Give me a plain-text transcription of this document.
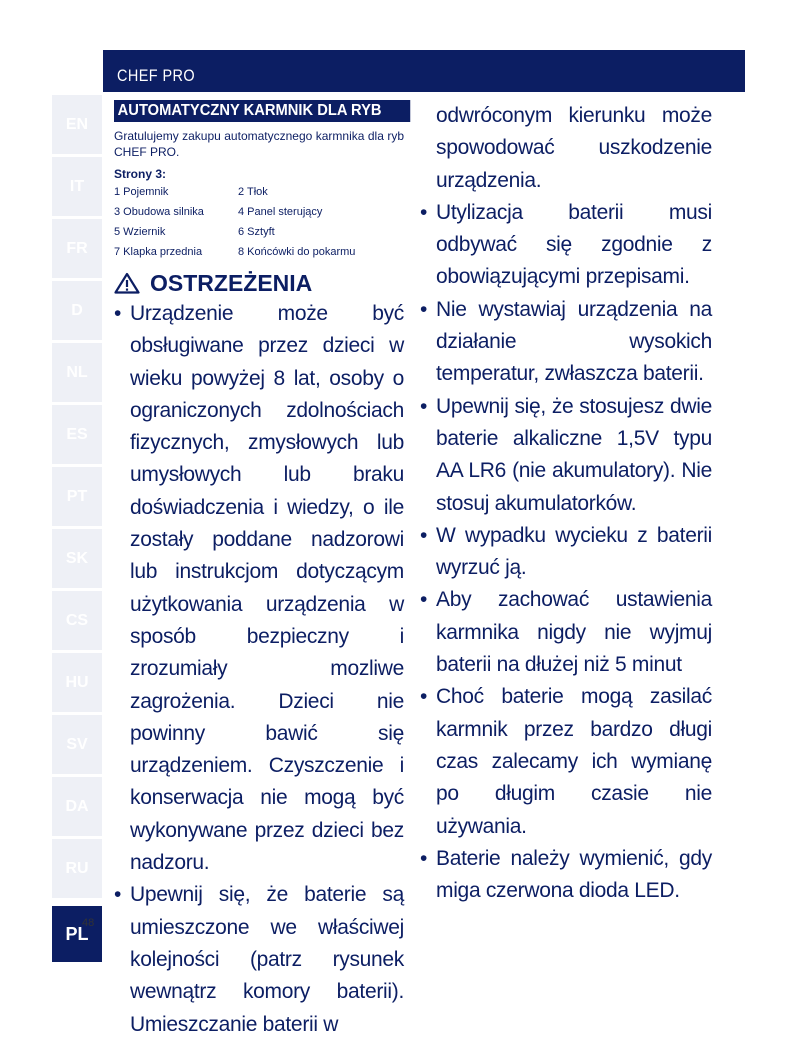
CHEF PRO
EN
IT
FR
D
NL
ES
PT
SK
CS
HU
SV
DA
RU
PL
48
AUTOMATYCZNY KARMNIK DLA RYB
Gratulujemy zakupu automatycznego karmnika dla ryb CHEF PRO.
Strony 3:
1 Pojemnik	2 Tłok
3 Obudowa silnika	4 Panel sterujący
5 Wziernik	6 Sztyft
7 Klapka przednia	8 Końcówki do pokarmu
OSTRZEŻENIA
• Urządzenie może być obsługiwane przez dzieci w wieku powyżej 8 lat, osoby o ograniczonych zdolnościach fizycznych, zmysłowych lub umysłowych lub braku doświadczenia i wiedzy, o ile zostały poddane nadzorowi lub instrukcjom dotyczącym użytkowania urządzenia w sposób bezpieczny i zrozumiały mozliwe zagrożenia. Dzieci nie powinny bawić się urządzeniem. Czyszczenie i konserwacja nie mogą być wykonywane przez dzieci bez nadzoru.
• Upewnij się, że baterie są umieszczone we właściwej kolejności (patrz rysunek wewnątrz komory baterii). Umieszczanie baterii w
odwróconym kierunku może spowodować uszkodzenie urządzenia.
• Utylizacja baterii musi odbywać się zgodnie z obowiązującymi przepisami.
• Nie wystawiaj urządzenia na działanie wysokich temperatur, zwłaszcza baterii.
• Upewnij się, że stosujesz dwie baterie alkaliczne 1,5V typu AA LR6 (nie akumulatory). Nie stosuj akumulatorków.
• W wypadku wycieku z baterii wyrzuć ją.
• Aby zachować ustawienia karmnika nigdy nie wyjmuj baterii na dłużej niż 5 minut
• Choć baterie mogą zasilać karmnik przez bardzo długi czas zalecamy ich wymianę po długim czasie nie używania.
• Baterie należy wymienić, gdy miga czerwona dioda LED.
